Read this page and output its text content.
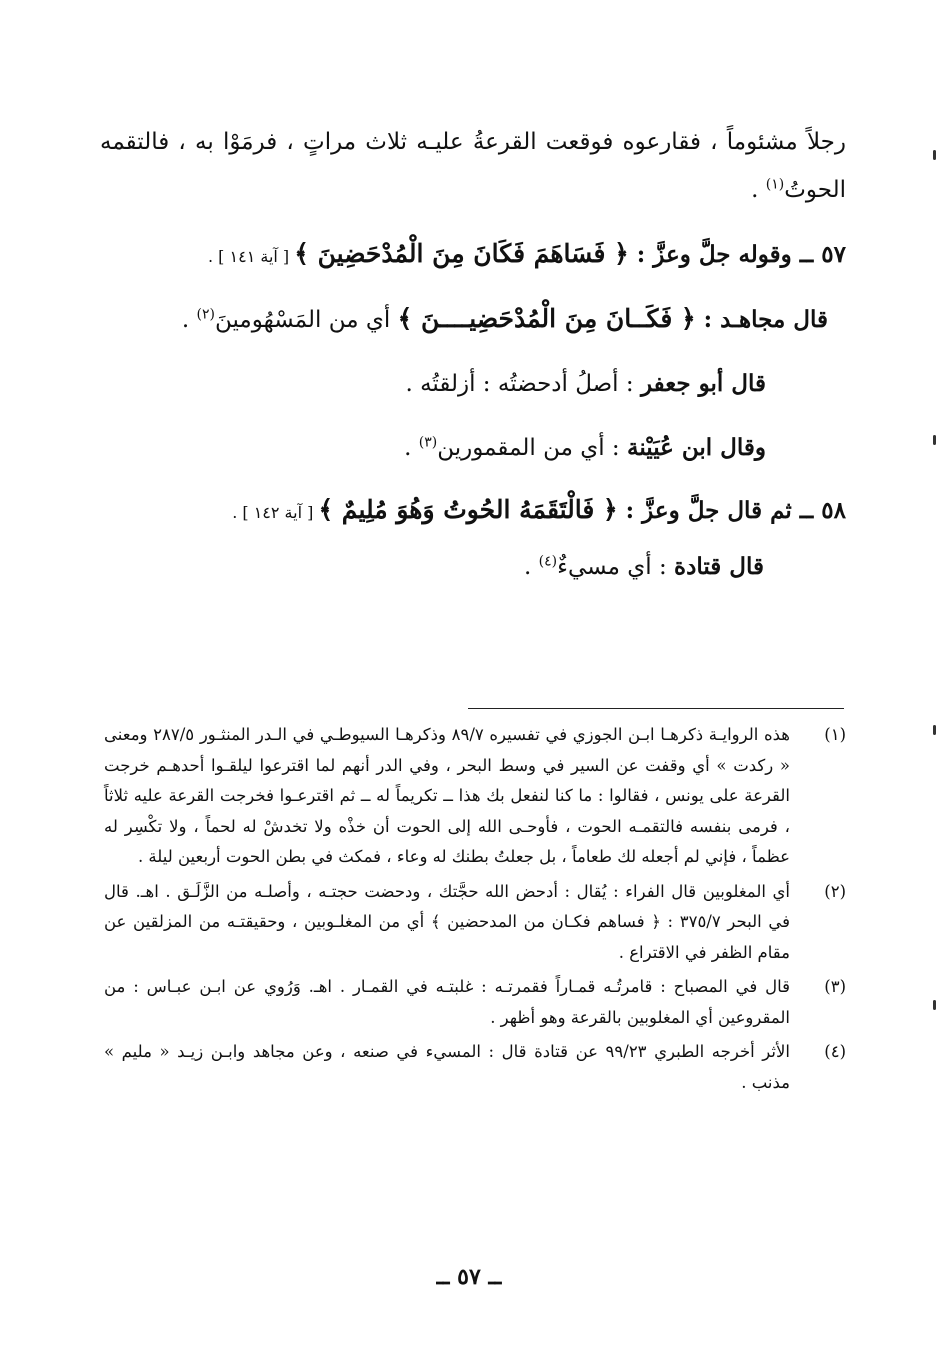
رجلاً مشئوماً ، فقارعوه فوقعت القرعةُ عليـه ثلاث مراتٍ ، فرمَوْا به ، فالتقمه الحوتُ$^{(١)}$ .

٥٧ ــ وقوله جلَّ وعزَّ : ﴿ فَسَاهَمَ فَكَانَ مِنَ الْمُدْحَضِينَ ﴾ [ آية ١٤١ ] .

قال مجاهـد : ﴿ فَكَــانَ مِنَ الْمُدْحَضِيــــنَ ﴾ أي من المَسْهُومينَ$^{(٢)}$ .

قال أبو جعفر : أصلُ أدحضتُه : أزلقتُه .

وقال ابن عُيَيْنة : أي من المقمورين$^{(٣)}$ .

٥٨ ــ ثم قال جلَّ وعزَّ : ﴿ فَالْتَقَمَهُ الحُوتُ وَهُوَ مُلِيمٌ ﴾ [ آية ١٤٢ ] .

قال قتادة : أي مسيءٌ$^{(٤)}$ .

(١)
هذه الروايـة ذكرهـا ابـن الجوزي في تفسيره ٨٩/٧ وذكرهـا السيوطـي في الـدر المنثـور ٢٨٧/٥ ومعنى « ركدت » أي وقفت عن السير في وسط البحر ، وفي الدر أنهم لما اقترعوا ليلقـوا أحدهـم خرجت القرعة على يونس ، فقالوا : ما كنا لنفعل بك هذا ــ تكريماً له ــ ثم اقترعـوا فخرجت القرعة عليه ثلاثاً ، فرمى بنفسه فالتقمـه الحوت ، فأوحـى الله إلى الحوت أن خذْه ولا تخدشْ له لحماً ، ولا تكْسِر له عظماً ، فإني لم أجعله لك طعاماً ، بل جعلتُ بطنك له وعاء ، فمكث في بطن الحوت أربعين ليلة .
(٢)
أي المغلوبين قال الفراء : يُقال : أدحض الله حجَّتك ، ودحضت حجتـه ، وأصلـه من الزَّلَـق . اهـ. قال في البحر ٣٧٥/٧ : ﴿ فساهم فكـان من المدحضين ﴾ أي من المغلـوبين ، وحقيقتـه من المزلقين عن مقام الظفر في الاقتراع .
(٣)
قال في المصباح : قامرتُـه قمـاراً فقمرتـه : غلبتـه في القمـار . اهـ. وَرُوي عن ابـن عبـاس : من المقروعين أي المغلوبين بالقرعة وهو أظهر .
(٤)
الأثر أخرجه الطبري ٩٩/٢٣ عن قتادة قال : المسيء في صنعه ، وعن مجاهد وابـن زيـد « مليم » مذنب .
ــ ٥٧ ــ
